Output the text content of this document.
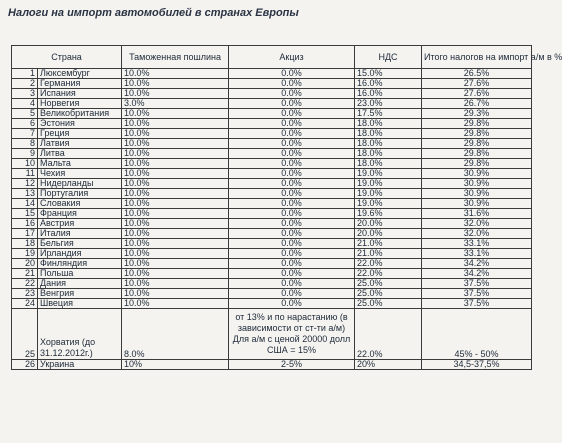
Налоги на импорт автомобилей в странах Европы
Страна		Таможенная пошлина	Акциз	НДС	Итого налогов на импорт а/м в %
1	Люксембург	10.0%	0.0%	15.0%	26.5%
2	Германия	10.0%	0.0%	16.0%	27.6%
3	Испания	10.0%	0.0%	16.0%	27.6%
4	Норвегия	3.0%	0.0%	23.0%	26.7%
5	Великобритания	10.0%	0.0%	17.5%	29.3%
6	Эстония	10.0%	0.0%	18.0%	29.8%
7	Греция	10.0%	0.0%	18.0%	29.8%
8	Латвия	10.0%	0.0%	18.0%	29.8%
9	Литва	10.0%	0.0%	18.0%	29.8%
10	Мальта	10.0%	0.0%	18.0%	29.8%
11	Чехия	10.0%	0.0%	19.0%	30.9%
12	Нидерланды	10.0%	0.0%	19.0%	30.9%
13	Португалия	10.0%	0.0%	19.0%	30.9%
14	Словакия	10.0%	0.0%	19.0%	30.9%
15	Франция	10.0%	0.0%	19.6%	31.6%
16	Австрия	10.0%	0.0%	20.0%	32.0%
17	Италия	10.0%	0.0%	20.0%	32.0%
18	Бельгия	10.0%	0.0%	21.0%	33.1%
19	Ирландия	10.0%	0.0%	21.0%	33.1%
20	Финляндия	10.0%	0.0%	22.0%	34.2%
21	Польша	10.0%	0.0%	22.0%	34.2%
22	Дания	10.0%	0.0%	25.0%	37.5%
23	Венгрия	10.0%	0.0%	25.0%	37.5%
24	Швеция	10.0%	0.0%	25.0%	37.5%
25	Хорватия (до 31.12.2012г.)	8.0%	от 13% и по нарастанию (в зависимости от ст-ти а/м) Для а/м с ценой 20000 долл США = 15%	22.0%	45% - 50%
26	Украина	10%	2-5%	20%	34,5-37,5%
